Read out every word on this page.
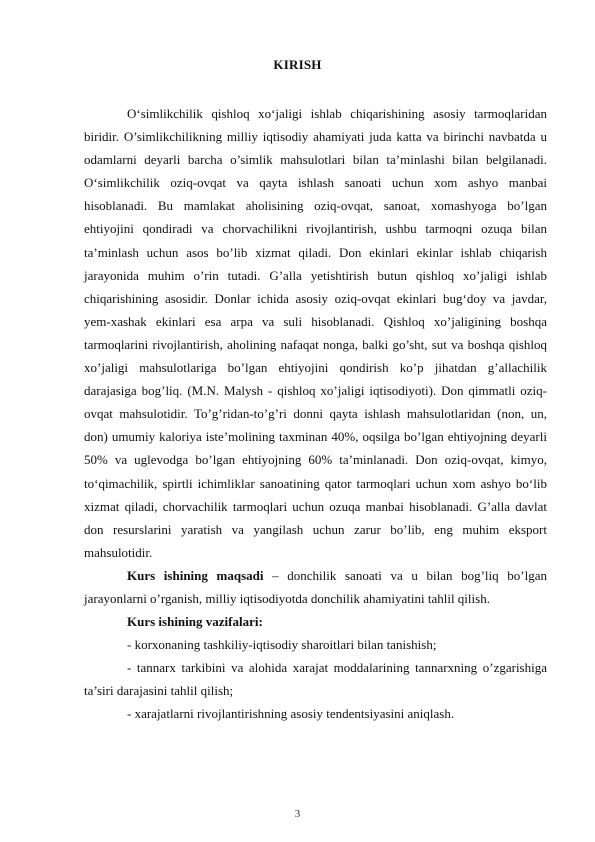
KIRISH

O‘simlikchilik qishloq xo‘jaligi ishlab chiqarishining asosiy tarmoqlaridan biridir. O’simlikchilikning milliy iqtisodiy ahamiyati juda katta va birinchi navbatda u odamlarni deyarli barcha o’simlik mahsulotlari bilan ta’minlashi bilan belgilanadi. O‘simlikchilik oziq-ovqat va qayta ishlash sanoati uchun xom ashyo manbai hisoblanadi. Bu mamlakat aholisining oziq-ovqat, sanoat, xomashyoga bo’lgan ehtiyojini qondiradi va chorvachilikni rivojlantirish, ushbu tarmoqni ozuqa bilan ta’minlash uchun asos bo’lib xizmat qiladi. Don ekinlari ekinlar ishlab chiqarish jarayonida muhim o’rin tutadi. G’alla yetishtirish butun qishloq xo’jaligi ishlab chiqarishining asosidir. Donlar ichida asosiy oziq-ovqat ekinlari bug‘doy va javdar, yem-xashak ekinlari esa arpa va suli hisoblanadi. Qishloq xo’jaligining boshqa tarmoqlarini rivojlantirish, aholining nafaqat nonga, balki go’sht, sut va boshqa qishloq xo’jaligi mahsulotlariga bo’lgan ehtiyojini qondirish ko’p jihatdan g’allachilik darajasiga bog’liq. (M.N. Malysh - qishloq xo’jaligi iqtisodiyoti). Don qimmatli oziq-ovqat mahsulotidir. To’g’ridan-to’g’ri donni qayta ishlash mahsulotlaridan (non, un, don) umumiy kaloriya iste’molining taxminan 40%, oqsilga bo’lgan ehtiyojning deyarli 50% va uglevodga bo’lgan ehtiyojning 60% ta’minlanadi. Don oziq-ovqat, kimyo, to‘qimachilik, spirtli ichimliklar sanoatining qator tarmoqlari uchun xom ashyo bo‘lib xizmat qiladi, chorvachilik tarmoqlari uchun ozuqa manbai hisoblanadi. G’alla davlat don resurslarini yaratish va yangilash uchun zarur bo’lib, eng muhim eksport mahsulotidir.

Kurs ishining maqsadi – donchilik sanoati va u bilan bog’liq bo’lgan jarayonlarni o’rganish, milliy iqtisodiyotda donchilik ahamiyatini tahlil qilish.

Kurs ishining vazifalari:

- korxonaning tashkiliy-iqtisodiy sharoitlari bilan tanishish;

- tannarx tarkibini va alohida xarajat moddalarining tannarxning o’zgarishiga ta’siri darajasini tahlil qilish;

- xarajatlarni rivojlantirishning asosiy tendentsiyasini aniqlash.

3
